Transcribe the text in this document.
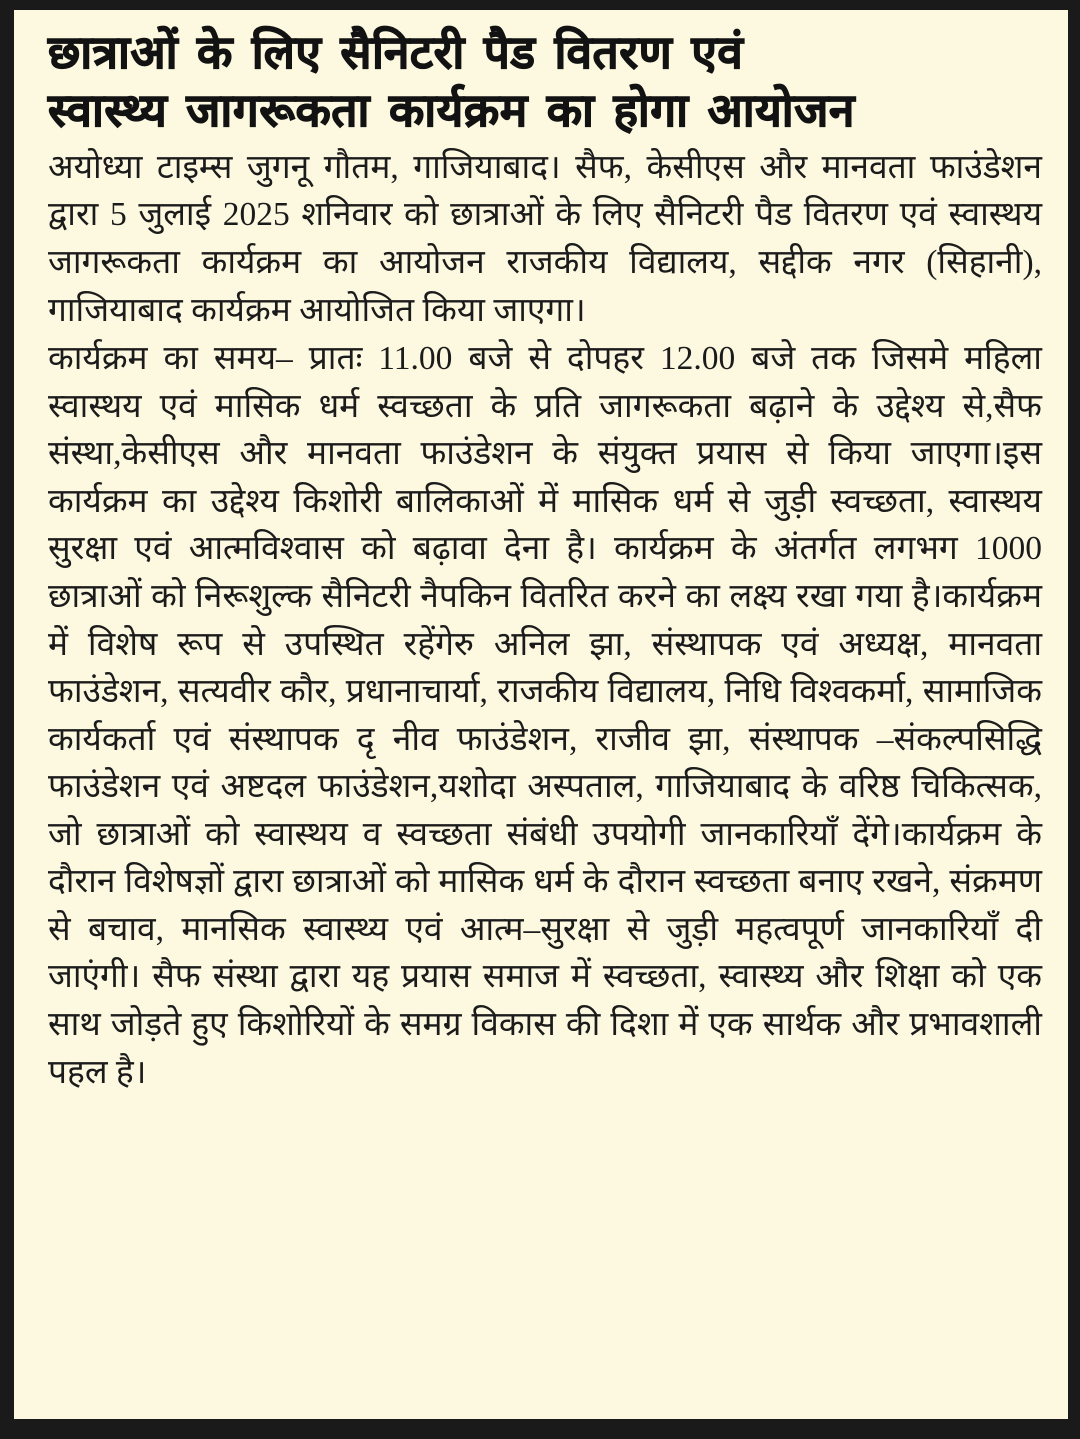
छात्राओं के लिए सैनिटरी पैड वितरण एवं
स्वास्थ्य जागरूकता कार्यक्रम का होगा आयोजन

अयोध्या टाइम्स जुगनू गौतम, गाजियाबाद। सैफ, केसीएस और मानवता फाउंडेशन द्वारा 5 जुलाई 2025 शनिवार को छात्राओं के लिए सैनिटरी पैड वितरण एवं स्वास्थय जागरूकता कार्यक्रम का आयोजन राजकीय विद्यालय, सद्दीक नगर (सिहानी), गाजियाबाद कार्यक्रम आयोजित किया जाएगा।

कार्यक्रम का समय– प्रातः 11.00 बजे से दोपहर 12.00 बजे तक जिसमे महिला स्वास्थय एवं मासिक धर्म स्वच्छता के प्रति जागरूकता बढ़ाने के उद्देश्य से,सैफ संस्था,केसीएस और मानवता फाउंडेशन के संयुक्त प्रयास से किया जाएगा।इस कार्यक्रम का उद्देश्य किशोरी बालिकाओं में मासिक धर्म से जुड़ी स्वच्छता, स्वास्थय सुरक्षा एवं आत्मविश्वास को बढ़ावा देना है। कार्यक्रम के अंतर्गत लगभग 1000 छात्राओं को निरूशुल्क सैनिटरी नैपकिन वितरित करने का लक्ष्य रखा गया है।कार्यक्रम में विशेष रूप से उपस्थित रहेंगेरु अनिल झा, संस्थापक एवं अध्यक्ष, मानवता फाउंडेशन, सत्यवीर कौर, प्रधानाचार्या, राजकीय विद्यालय, निधि विश्वकर्मा, सामाजिक कार्यकर्ता एवं संस्थापक दृ नीव फाउंडेशन, राजीव झा, संस्थापक –संकल्पसिद्धि फाउंडेशन एवं अष्टदल फाउंडेशन,यशोदा अस्पताल, गाजियाबाद के वरिष्ठ चिकित्सक, जो छात्राओं को स्वास्थय व स्वच्छता संबंधी उपयोगी जानकारियाँ देंगे।कार्यक्रम के दौरान विशेषज्ञों द्वारा छात्राओं को मासिक धर्म के दौरान स्वच्छता बनाए रखने, संक्रमण से बचाव, मानसिक स्वास्थ्य एवं आत्म–सुरक्षा से जुड़ी महत्वपूर्ण जानकारियाँ दी जाएंगी। सैफ संस्था द्वारा यह प्रयास समाज में स्वच्छता, स्वास्थ्य और शिक्षा को एक साथ जोड़ते हुए किशोरियों के समग्र विकास की दिशा में एक सार्थक और प्रभावशाली पहल है।
